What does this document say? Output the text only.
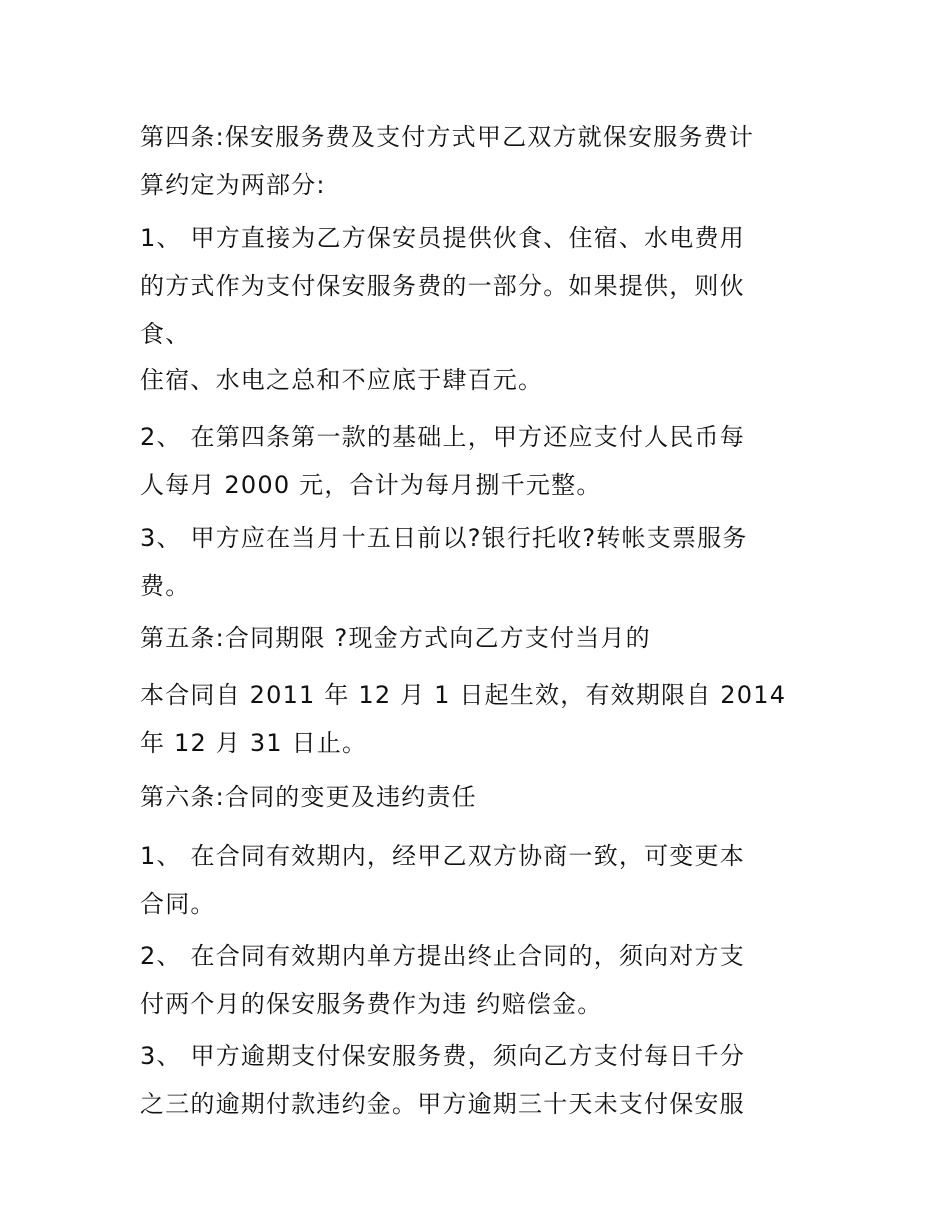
第四条:保安服务费及支付方式甲乙双方就保安服务费计
算约定为两部分:

1、 甲方直接为乙方保安员提供伙食、住宿、水电费用
的方式作为支付保安服务费的一部分。如果提供，则伙
食、

住宿、水电之总和不应底于肆百元。

2、 在第四条第一款的基础上，甲方还应支付人民币每
人每月 2000 元，合计为每月捌千元整。

3、 甲方应在当月十五日前以?银行托收?转帐支票服务
费。

第五条:合同期限 ?现金方式向乙方支付当月的

本合同自 2011 年 12 月 1 日起生效，有效期限自 2014
年 12 月 31 日止。

第六条:合同的变更及违约责任

1、 在合同有效期内，经甲乙双方协商一致，可变更本
合同。

2、 在合同有效期内单方提出终止合同的，须向对方支
付两个月的保安服务费作为违 约赔偿金。

3、 甲方逾期支付保安服务费，须向乙方支付每日千分
之三的逾期付款违约金。甲方逾期三十天未支付保安服
